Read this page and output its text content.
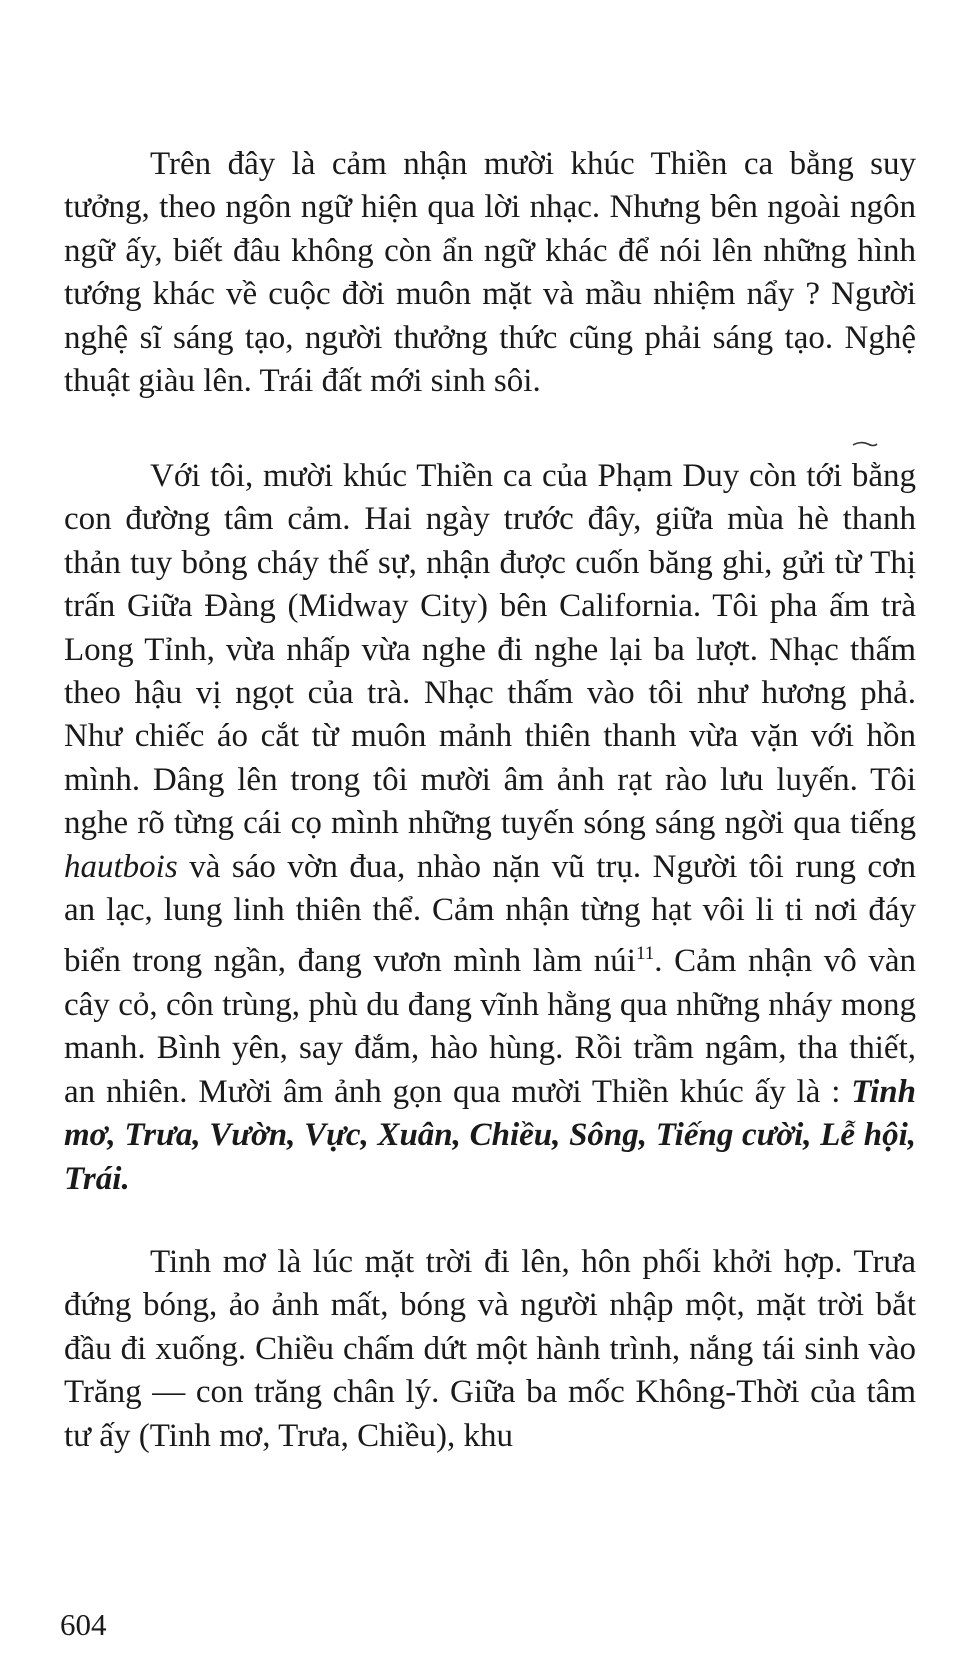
Trên đây là cảm nhận mười khúc Thiền ca bằng suy tưởng, theo ngôn ngữ hiện qua lời nhạc. Nhưng bên ngoài ngôn ngữ ấy, biết đâu không còn ẩn ngữ khác để nói lên những hình tướng khác về cuộc đời muôn mặt và mầu nhiệm nẩy ? Người nghệ sĩ sáng tạo, người thưởng thức cũng phải sáng tạo. Nghệ thuật giàu lên. Trái đất mới sinh sôi.

Với tôi, mười khúc Thiền ca của Phạm Duy còn tới bằng con đường tâm cảm. Hai ngày trước đây, giữa mùa hè thanh thản tuy bỏng cháy thế sự, nhận được cuốn băng ghi, gửi từ Thị trấn Giữa Đàng (Midway City) bên California. Tôi pha ấm trà Long Tỉnh, vừa nhấp vừa nghe đi nghe lại ba lượt. Nhạc thấm theo hậu vị ngọt của trà. Nhạc thấm vào tôi như hương phả. Như chiếc áo cắt từ muôn mảnh thiên thanh vừa vặn với hồn mình. Dâng lên trong tôi mười âm ảnh rạt rào lưu luyến. Tôi nghe rõ từng cái cọ mình những tuyến sóng sáng ngời qua tiếng hautbois và sáo vờn đua, nhào nặn vũ trụ. Người tôi rung cơn an lạc, lung linh thiên thể. Cảm nhận từng hạt vôi li ti nơi đáy biển trong ngần, đang vươn mình làm núi$^{11}$. Cảm nhận vô vàn cây cỏ, côn trùng, phù du đang vĩnh hằng qua những nháy mong manh. Bình yên, say đắm, hào hùng. Rồi trầm ngâm, tha thiết, an nhiên. Mười âm ảnh gọn qua mười Thiền khúc ấy là : Tinh mơ, Trưa, Vườn, Vực, Xuân, Chiều, Sông, Tiếng cười, Lễ hội, Trái.

Tinh mơ là lúc mặt trời đi lên, hôn phối khởi hợp. Trưa đứng bóng, ảo ảnh mất, bóng và người nhập một, mặt trời bắt đầu đi xuống. Chiều chấm dứt một hành trình, nắng tái sinh vào Trăng — con trăng chân lý. Giữa ba mốc Không-Thời của tâm tư ấy (Tinh mơ, Trưa, Chiều), khu

604
